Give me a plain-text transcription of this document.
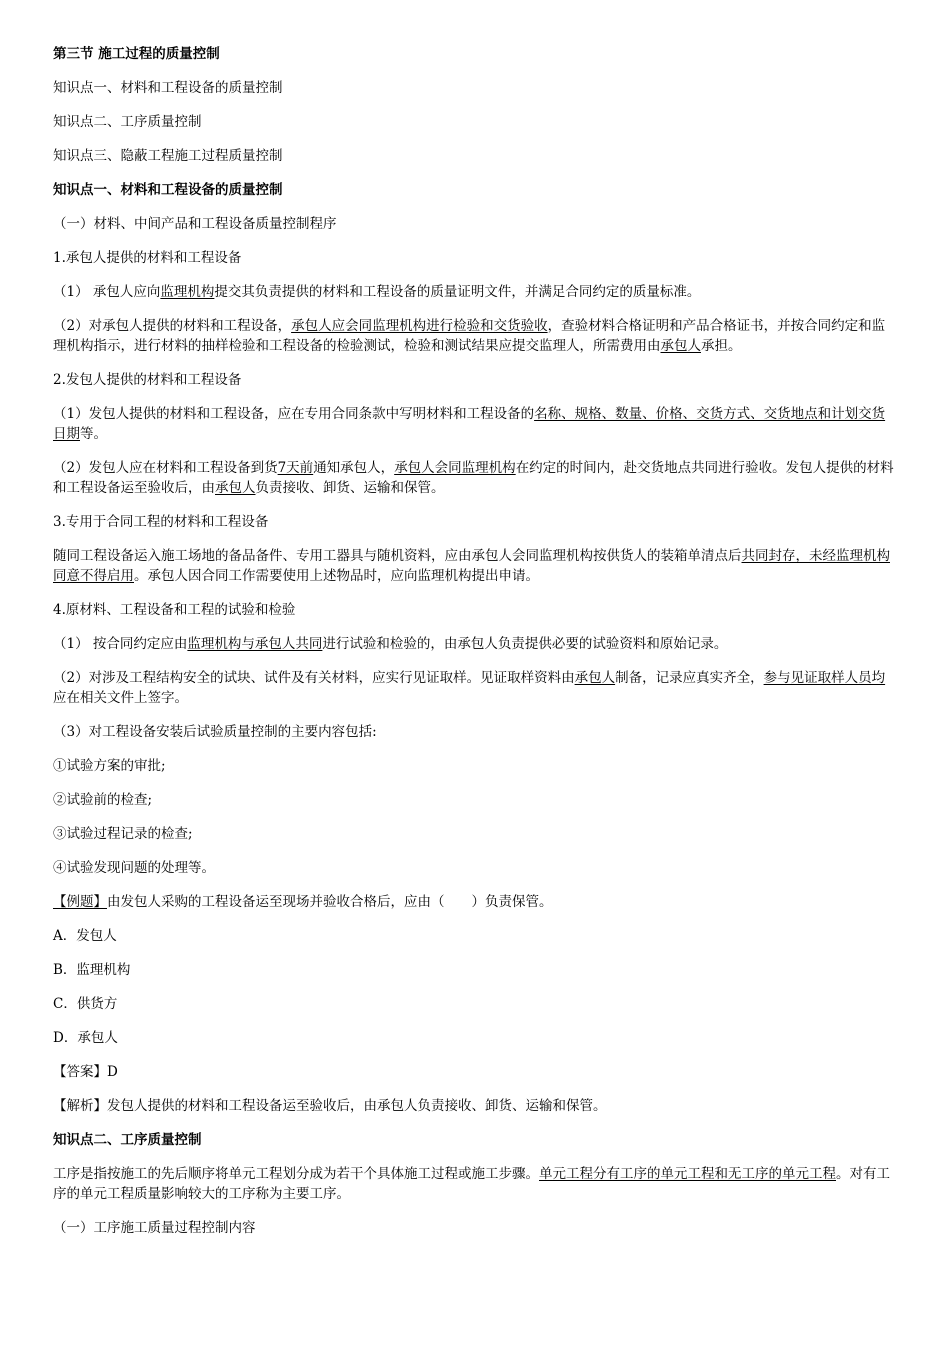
第三节 施工过程的质量控制

知识点一、材料和工程设备的质量控制

知识点二、工序质量控制

知识点三、隐蔽工程施工过程质量控制

知识点一、材料和工程设备的质量控制

（一）材料、中间产品和工程设备质量控制程序

1.承包人提供的材料和工程设备

（1） 承包人应向监理机构提交其负责提供的材料和工程设备的质量证明文件，并满足合同约定的质量标准。

（2）对承包人提供的材料和工程设备，承包人应会同监理机构进行检验和交货验收，查验材料合格证明和产品合格证书，并按合同约定和监理机构指示，进行材料的抽样检验和工程设备的检验测试，检验和测试结果应提交监理人，所需费用由承包人承担。

2.发包人提供的材料和工程设备

（1）发包人提供的材料和工程设备，应在专用合同条款中写明材料和工程设备的名称、规格、数量、价格、交货方式、交货地点和计划交货日期等。

（2）发包人应在材料和工程设备到货7天前通知承包人，承包人会同监理机构在约定的时间内，赴交货地点共同进行验收。发包人提供的材料和工程设备运至验收后，由承包人负责接收、卸货、运输和保管。

3.专用于合同工程的材料和工程设备

随同工程设备运入施工场地的备品备件、专用工器具与随机资料，应由承包人会同监理机构按供货人的装箱单清点后共同封存，未经监理机构同意不得启用。承包人因合同工作需要使用上述物品时，应向监理机构提出申请。

4.原材料、工程设备和工程的试验和检验

（1） 按合同约定应由监理机构与承包人共同进行试验和检验的，由承包人负责提供必要的试验资料和原始记录。

（2）对涉及工程结构安全的试块、试件及有关材料，应实行见证取样。见证取样资料由承包人制备，记录应真实齐全，参与见证取样人员均应在相关文件上签字。

（3）对工程设备安装后试验质量控制的主要内容包括:

①试验方案的审批;

②试验前的检查;

③试验过程记录的检查;

④试验发现问题的处理等。

【例题】由发包人采购的工程设备运至现场并验收合格后，应由（　　）负责保管。

A．发包人

B．监理机构

C．供货方

D．承包人

【答案】D

【解析】发包人提供的材料和工程设备运至验收后，由承包人负责接收、卸货、运输和保管。

知识点二、工序质量控制

工序是指按施工的先后顺序将单元工程划分成为若干个具体施工过程或施工步骤。单元工程分有工序的单元工程和无工序的单元工程。对有工序的单元工程质量影响较大的工序称为主要工序。

（一）工序施工质量过程控制内容
